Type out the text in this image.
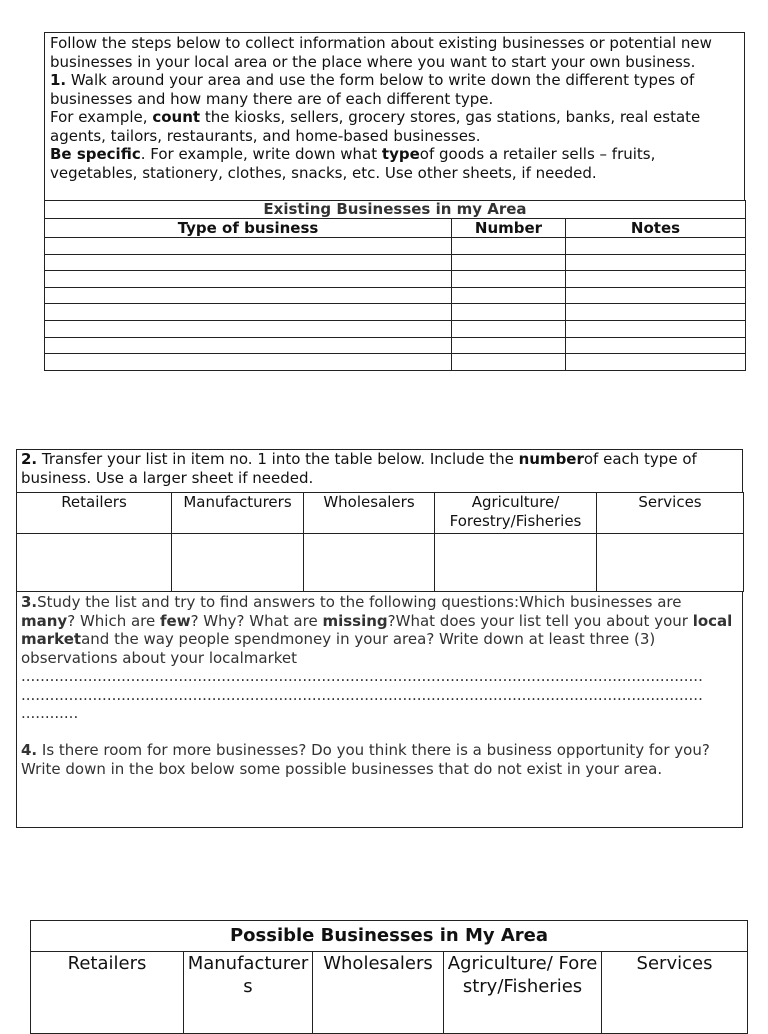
Follow the steps below to collect information about existing businesses or potential new businesses in your local area or the place where you want to start your own business.

1. Walk around your area and use the form below to write down the different types of businesses and how many there are of each different type.

For example, count the kiosks, sellers, grocery stores, gas stations, banks, real estate agents, tailors, restaurants, and home-based businesses.

Be specific. For example, write down what typeof goods a retailer sells – fruits, vegetables, stationery, clothes, snacks, etc. Use other sheets, if needed.

Existing Businesses in my Area		
Type of business	Number	Notes

2. Transfer your list in item no. 1 into the table below. Include the numberof each type of business. Use a larger sheet if needed.

Retailers	Manufacturers	Wholesalers	Agriculture/ Forestry/Fisheries	Services

3.Study the list and try to find answers to the following questions:Which businesses are many? Which are few? Why? What are missing?What does your list tell you about your local marketand the way people spendmoney in your area? Write down at least three (3) observations about your localmarket

...............................................................................................................................................

...............................................................................................................................................

............

4. Is there room for more businesses? Do you think there is a business opportunity for you? Write down in the box below some possible businesses that do not exist in your area.

Possible Businesses in My Area
Retailers	Manufacturers	Wholesalers	Agriculture/ Forestry/Fisheries	Services
